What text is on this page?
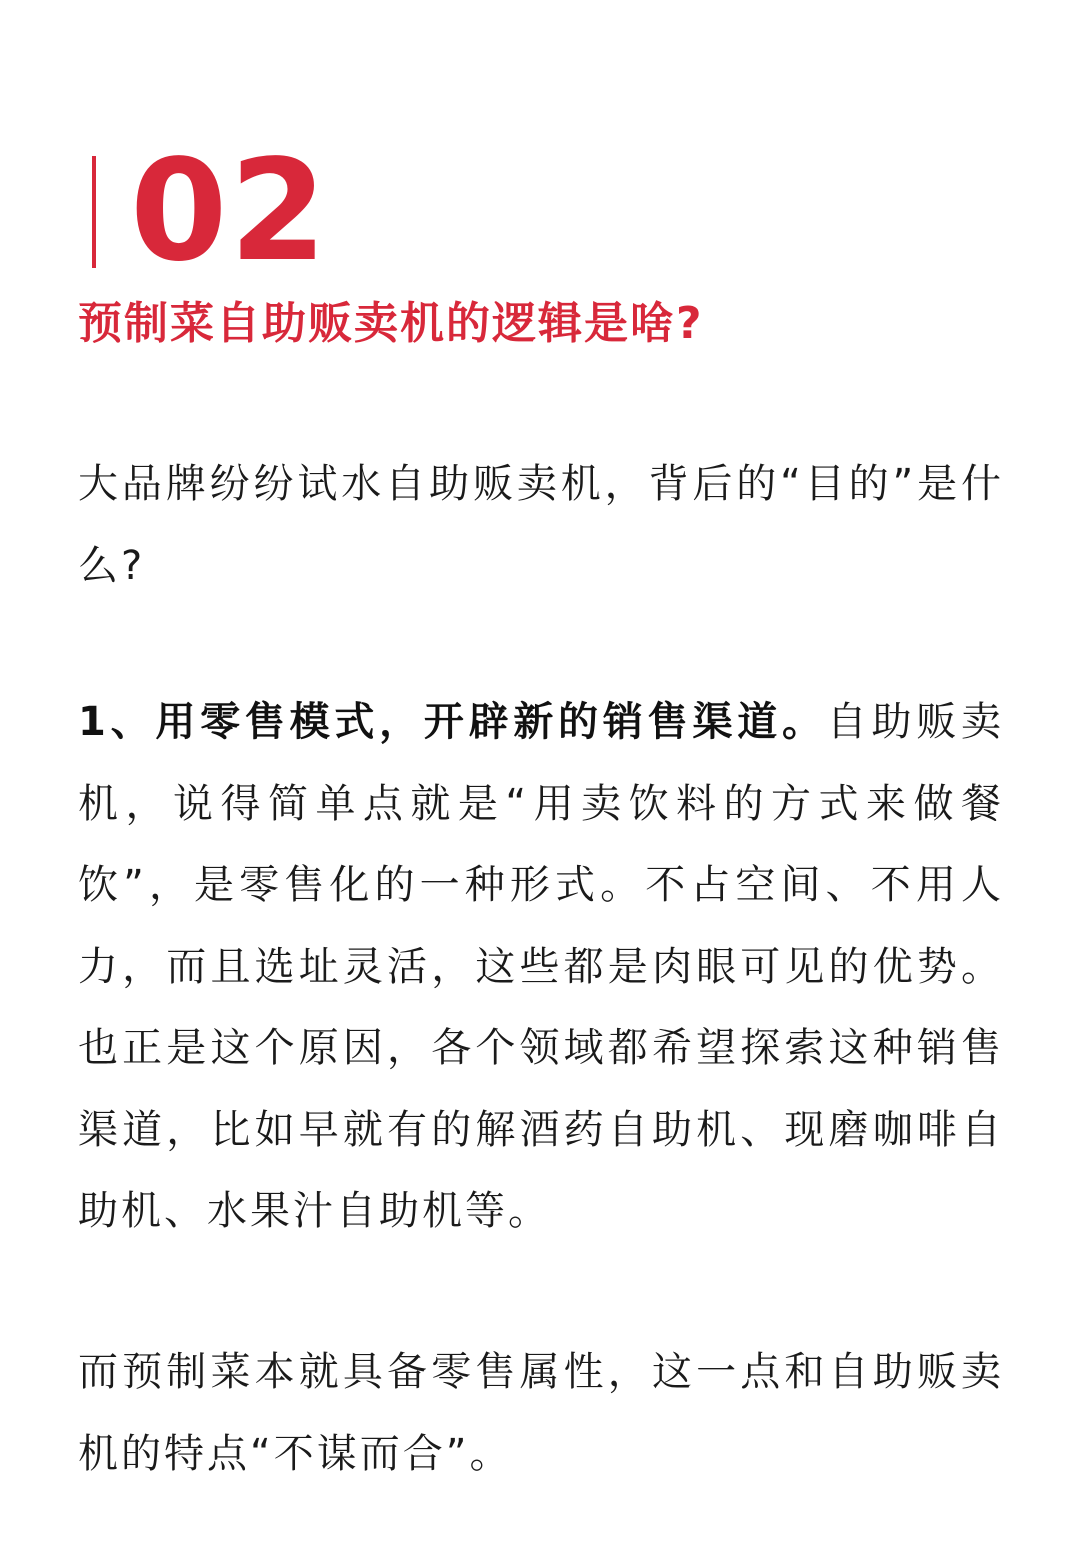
02
预制菜自助贩卖机的逻辑是啥?

大品牌纷纷试水自助贩卖机，背后的“目的”是什么?

1、用零售模式，开辟新的销售渠道。自助贩卖机，说得简单点就是“用卖饮料的方式来做餐饮”，是零售化的一种形式。不占空间、不用人力，而且选址灵活，这些都是肉眼可见的优势。也正是这个原因，各个领域都希望探索这种销售渠道，比如早就有的解酒药自助机、现磨咖啡自助机、水果汁自助机等。

而预制菜本就具备零售属性，这一点和自助贩卖机的特点“不谋而合”。
